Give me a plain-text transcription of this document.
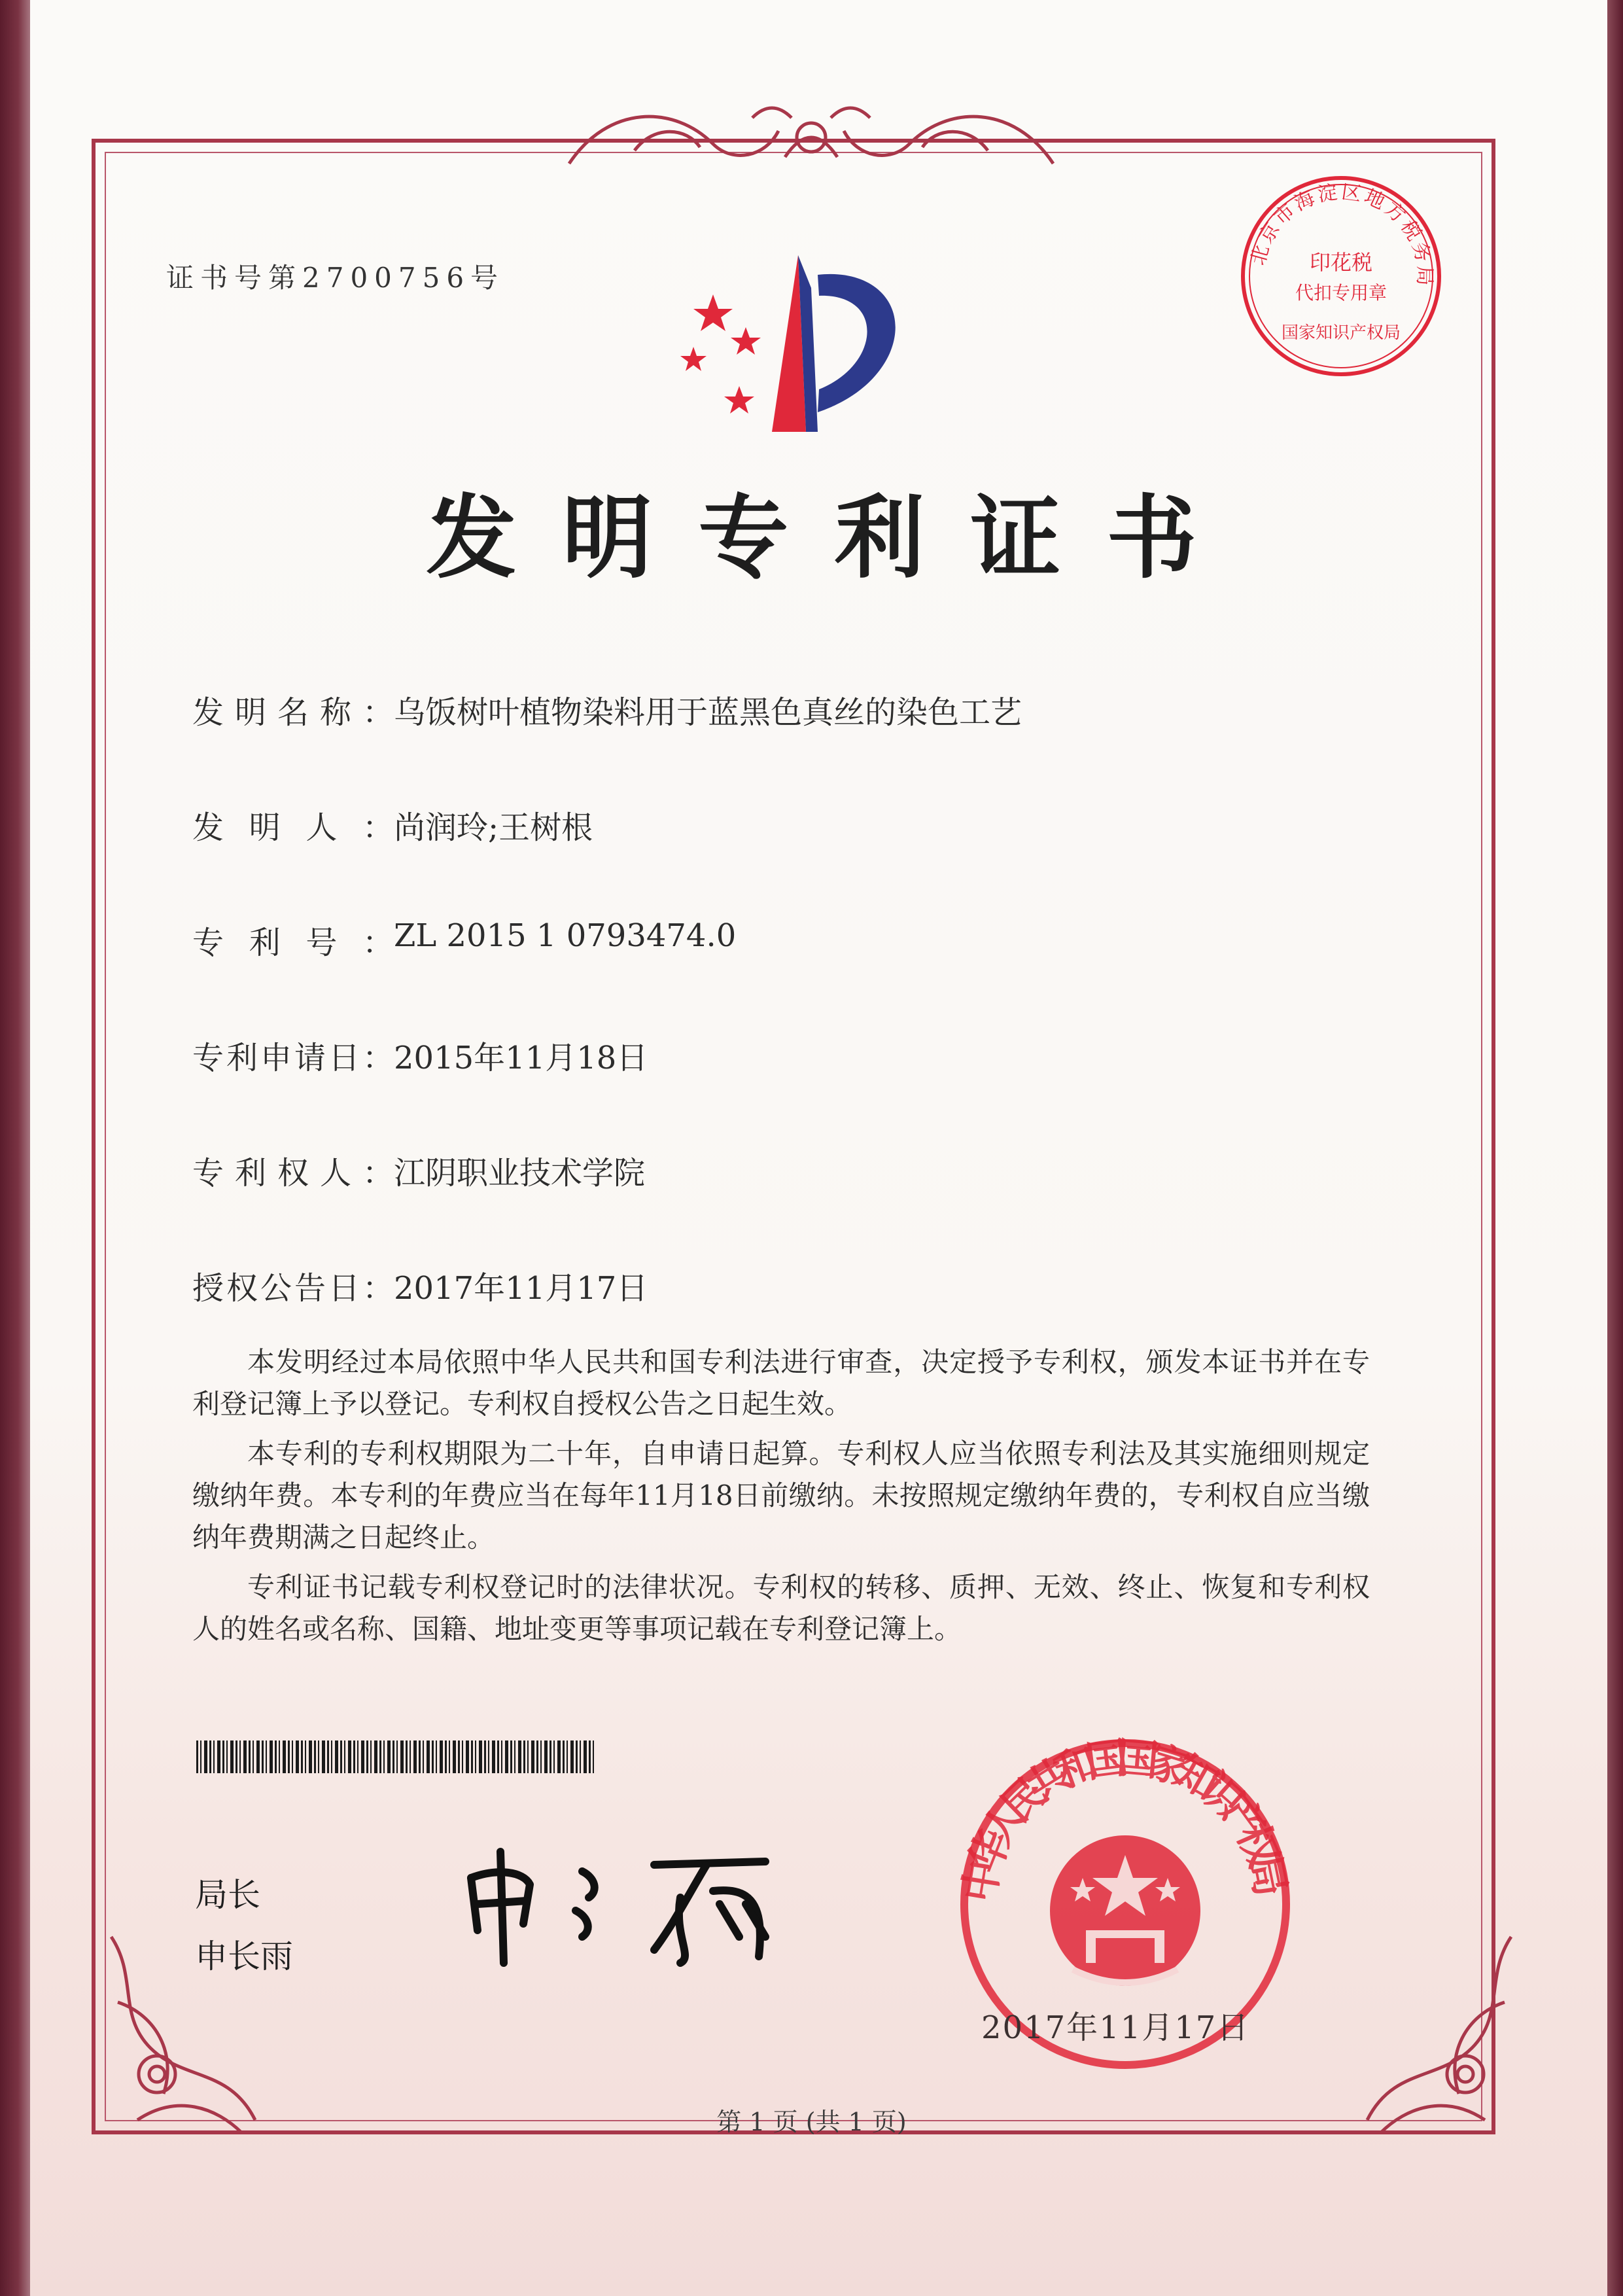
证书号第2700756号
北京市海淀区地方税务局
印花税
代扣专用章
国家知识产权局
发明专利证书
发明名称：乌饭树叶植物染料用于蓝黑色真丝的染色工艺
发明人：尚润玲;王树根
专利号：ZL 2015 1 0793474.0
专利申请日：2015年11月18日
专利权人：江阴职业技术学院
授权公告日：2017年11月17日

本发明经过本局依照中华人民共和国专利法进行审查，决定授予专利权，颁发本证书并在专利登记簿上予以登记。专利权自授权公告之日起生效。

本专利的专利权期限为二十年，自申请日起算。专利权人应当依照专利法及其实施细则规定缴纳年费。本专利的年费应当在每年11月18日前缴纳。未按照规定缴纳年费的，专利权自应当缴纳年费期满之日起终止。

专利证书记载专利权登记时的法律状况。专利权的转移、质押、无效、终止、恢复和专利权人的姓名或名称、国籍、地址变更等事项记载在专利登记簿上。

局长
申长雨
中华人民共和国国家知识产权局
2017年11月17日
第 1 页 (共 1 页)
